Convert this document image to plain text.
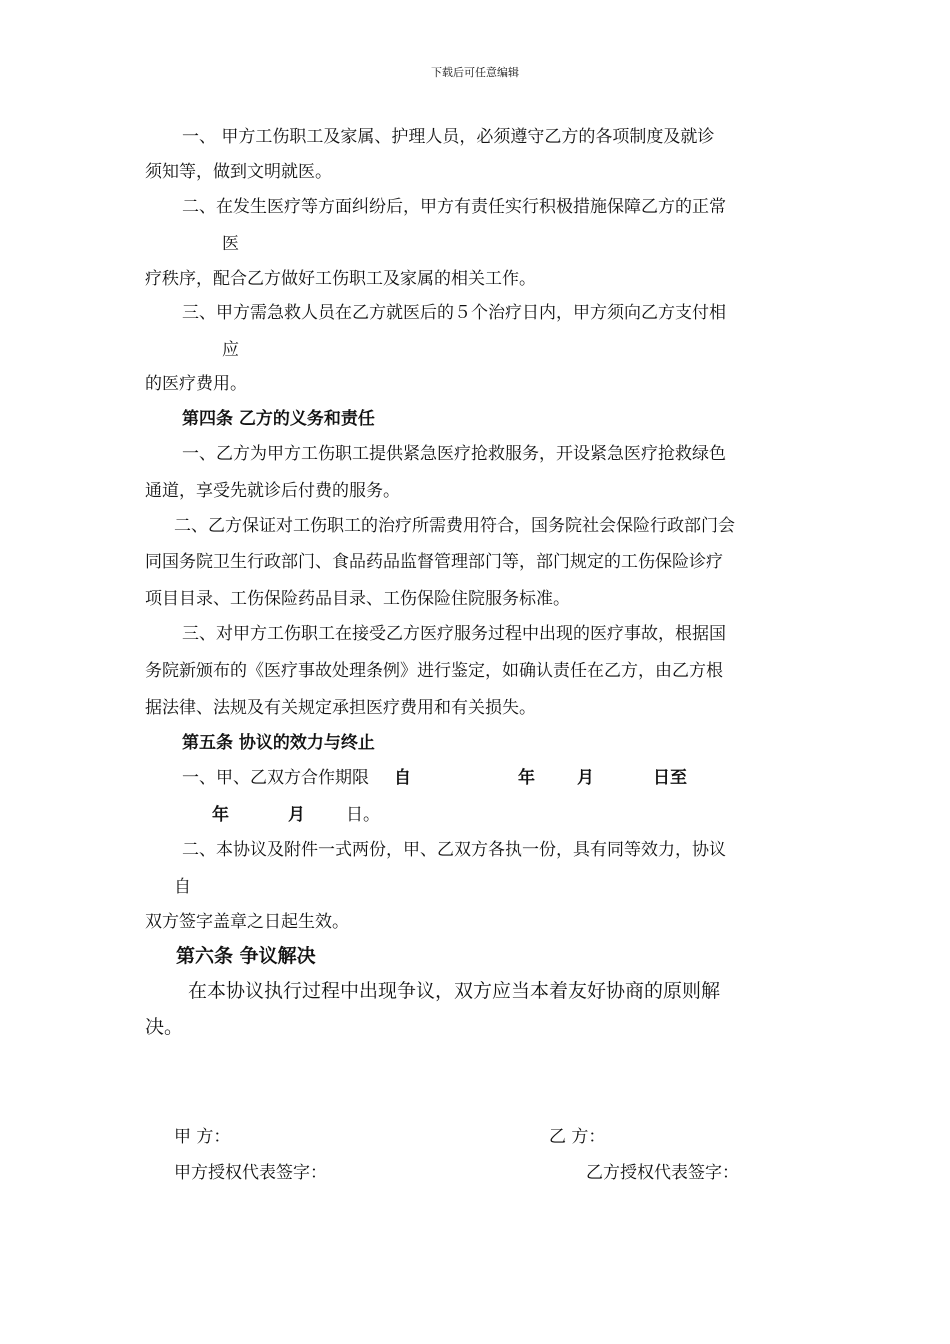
下载后可任意编辑
一、 甲方工伤职工及家属、护理人员，必须遵守乙方的各项制度及就诊
须知等，做到文明就医。
二、在发生医疗等方面纠纷后，甲方有责任实行积极措施保障乙方的正常
医
疗秩序，配合乙方做好工伤职工及家属的相关工作。
三、甲方需急救人员在乙方就医后的５个治疗日内，甲方须向乙方支付相
应
的医疗费用。
第四条 乙方的义务和责任
一、乙方为甲方工伤职工提供紧急医疗抢救服务，开设紧急医疗抢救绿色
通道，享受先就诊后付费的服务。
二、乙方保证对工伤职工的治疗所需费用符合，国务院社会保险行政部门会
同国务院卫生行政部门、食品药品监督管理部门等，部门规定的工伤保险诊疗
项目目录、工伤保险药品目录、工伤保险住院服务标准。
三、对甲方工伤职工在接受乙方医疗服务过程中出现的医疗事故，根据国
务院新颁布的《医疗事故处理条例》进行鉴定，如确认责任在乙方，由乙方根
据法律、法规及有关规定承担医疗费用和有关损失。
第五条 协议的效力与终止
一、甲、乙双方合作期限 自	年 月	日至
年	月 日。
二、本协议及附件一式两份，甲、乙双方各执一份，具有同等效力，协议
自
双方签字盖章之日起生效。
第六条 争议解决
在本协议执行过程中出现争议，双方应当本着友好协商的原则解
决。
甲 方：	乙 方：
甲方授权代表签字：	乙方授权代表签字：
